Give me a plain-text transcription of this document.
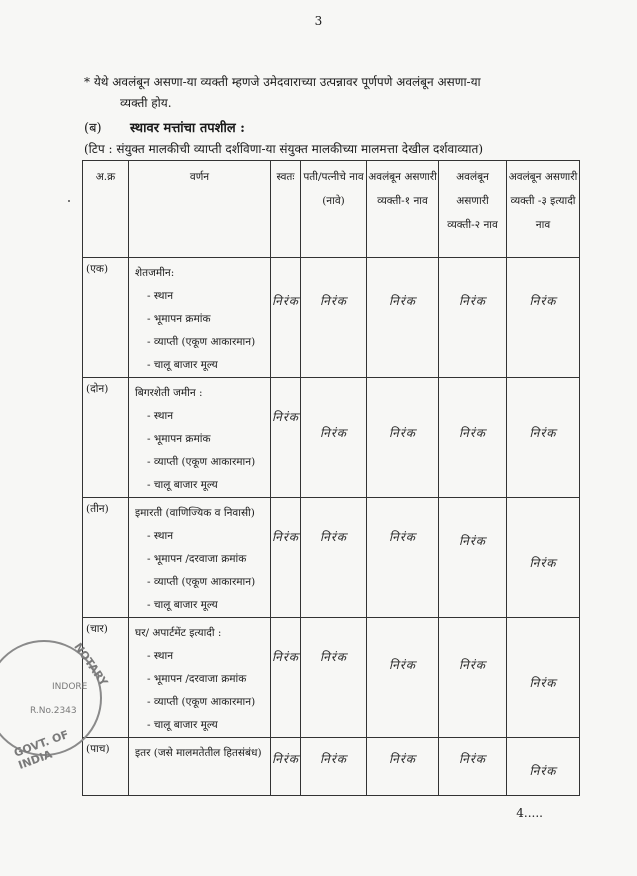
3
* येथे अवलंबून असणा-या व्यक्ती म्हणजे उमेदवाराच्या उत्पन्नावर पूर्णपणे अवलंबून असणा-या
व्यक्ती होय.
(ब) स्थावर मत्तांचा तपशील :
(टिप : संयुक्त मालकीची व्याप्ती दर्शविणा-या संयुक्त मालकीच्या मालमत्ता देखील दर्शवाव्यात)
अ.क्र	वर्णन	स्वतः	पती/पत्नीचे नाव (नावे)	अवलंबून असणारी व्यक्ती-१ नाव	अवलंबून असणारी व्यक्ती-२ नाव	अवलंबून असणारी व्यक्ती -३ इत्यादी नाव
(एक)	शेतजमीन:
- स्थान
- भूमापन क्रमांक
- व्याप्ती (एकूण आकारमान)
- चालू बाजार मूल्य	निरंक	निरंक	निरंक	निरंक	निरंक
(दोन)	बिगरशेती जमीन :
- स्थान
- भूमापन क्रमांक
- व्याप्ती (एकूण आकारमान)
- चालू बाजार मूल्य	निरंक	निरंक	निरंक	निरंक	निरंक
(तीन)	इमारती (वाणिज्यिक व निवासी)
- स्थान
- भूमापन /दरवाजा क्रमांक
- व्याप्ती (एकूण आकारमान)
- चालू बाजार मूल्य	निरंक	निरंक	निरंक	निरंक	निरंक
(चार)	घर/ अपार्टमेंट इत्यादी :
- स्थान
- भूमापन /दरवाजा क्रमांक
- व्याप्ती (एकूण आकारमान)
- चालू बाजार मूल्य	निरंक	निरंक	निरंक	निरंक	निरंक
(पाच)	इतर (जसे मालमतेतील हितसंबंध)	निरंक	निरंक	निरंक	निरंक	निरंक
NOTARY
INDORE
R.No.2343
GOVT. OF INDIA
4.....
